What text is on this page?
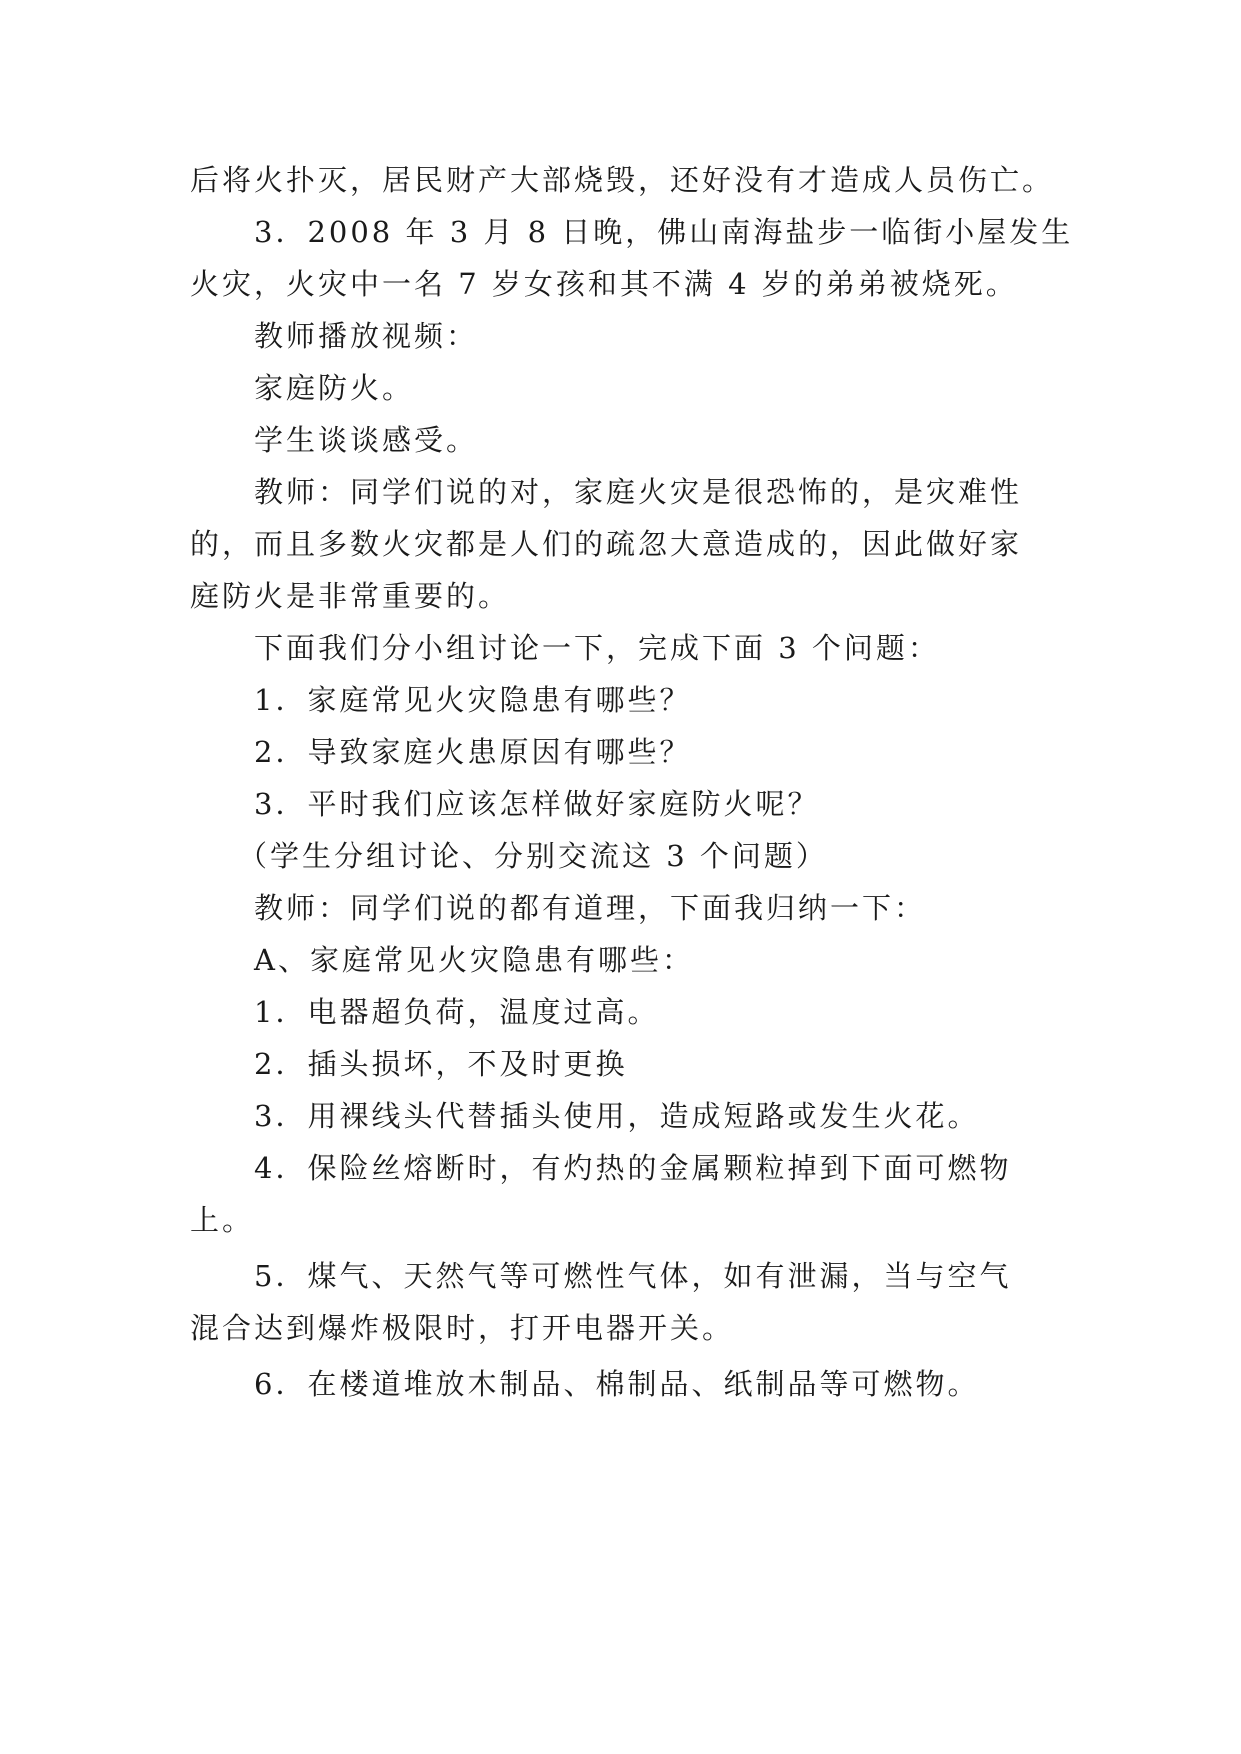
后将火扑灭，居民财产大部烧毁，还好没有才造成人员伤亡。
3．2008 年 3 月 8 日晚，佛山南海盐步一临街小屋发生
火灾，火灾中一名 7 岁女孩和其不满 4 岁的弟弟被烧死。
教师播放视频：
家庭防火。
学生谈谈感受。
教师：同学们说的对，家庭火灾是很恐怖的，是灾难性
的，而且多数火灾都是人们的疏忽大意造成的，因此做好家
庭防火是非常重要的。
下面我们分小组讨论一下，完成下面 3 个问题：
1．家庭常见火灾隐患有哪些？
2．导致家庭火患原因有哪些？
3．平时我们应该怎样做好家庭防火呢？
（学生分组讨论、分别交流这 3 个问题）
教师：同学们说的都有道理，下面我归纳一下：
A、家庭常见火灾隐患有哪些：
1．电器超负荷，温度过高。
2．插头损坏，不及时更换
3．用裸线头代替插头使用，造成短路或发生火花。
4．保险丝熔断时，有灼热的金属颗粒掉到下面可燃物
上。
5．煤气、天然气等可燃性气体，如有泄漏，当与空气
混合达到爆炸极限时，打开电器开关。
6．在楼道堆放木制品、棉制品、纸制品等可燃物。
